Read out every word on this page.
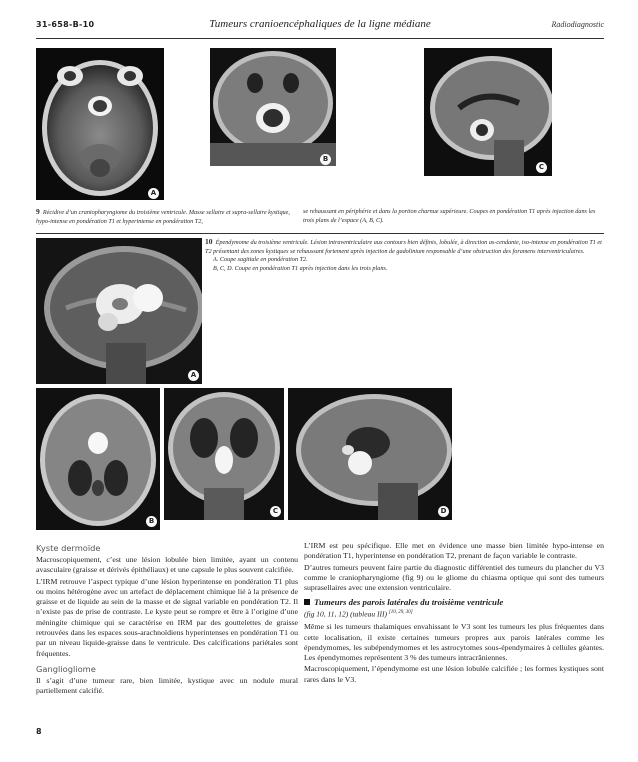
31-658-B-10	Tumeurs cranioencéphaliques de la ligne médiane	Radiodiagnostic
A
B
C
9 Récidive d’un craniopharyngiome du troisième ventricule. Masse sellaire et supra-sellaire kystique, hypo-intense en pondération T1 et hyperintense en pondération T2,
se rehaussant en périphérie et dans la portion charnue supérieure. Coupes en pondération T1 après injection dans les trois plans de l’espace (A, B, C).
10 Épendymome du troisième ventricule. Lésion intraventriculaire aux contours bien définis, lobulée, à direction as-cendante, iso-intense en pondération T1 et T2 présentant des zones kystiques se rehaussant fortement après injection de gadolinium responsable d’une obstruction des foramens interventriculaires.
A. Coupe sagittale en pondération T2.
B, C, D. Coupe en pondération T1 après injection dans les trois plans.
A
B
C	D
Kyste dermoïde

Macroscopiquement, c’est une lésion lobulée bien limitée, ayant un contenu avasculaire (graisse et dérivés épithéliaux) et une capsule le plus souvent calcifiée.

L’IRM retrouve l’aspect typique d’une lésion hyperintense en pondération T1 plus ou moins hétérogène avec un artefact de déplacement chimique lié à la présence de graisse et de liquide au sein de la masse et de signal variable en pondération T2. Il n’existe pas de prise de contraste. Le kyste peut se rompre et être à l’origine d’une méningite chimique qui se caractérise en IRM par des gouttelettes de graisse retrouvées dans les espaces sous-arachnoïdiens hyperintenses en pondération T1 ou par un niveau liquide-graisse dans le ventricule. Des calcifications pariétales sont fréquentes.

Gangliogliome

Il s’agit d’une tumeur rare, bien limitée, kystique avec un nodule mural partiellement calcifié.

L’IRM est peu spécifique. Elle met en évidence une masse bien limitée hypo-intense en pondération T1, hyperintense en pondération T2, prenant de façon variable le contraste.

D’autres tumeurs peuvent faire partie du diagnostic différentiel des tumeurs du plancher du V3 comme le craniopharyngiome (fig 9) ou le gliome du chiasma optique qui sont des tumeurs suprasellaires avec une extension ventriculaire.

Tumeurs des parois latérales du troisième ventricule
(fig 10, 11, 12) (tableau III) [10, 29, 30]

Même si les tumeurs thalamiques envahissant le V3 sont les tumeurs les plus fréquentes dans cette localisation, il existe certaines tumeurs propres aux parois latérales comme les épendymomes, les subépendymomes et les astrocytomes sous-épendymaires à cellules géantes. Les épendymomes représentent 3 % des tumeurs intracrâniennes.

Macroscopiquement, l’épendymome est une lésion lobulée calcifiée ; les formes kystiques sont rares dans le V3.

8
